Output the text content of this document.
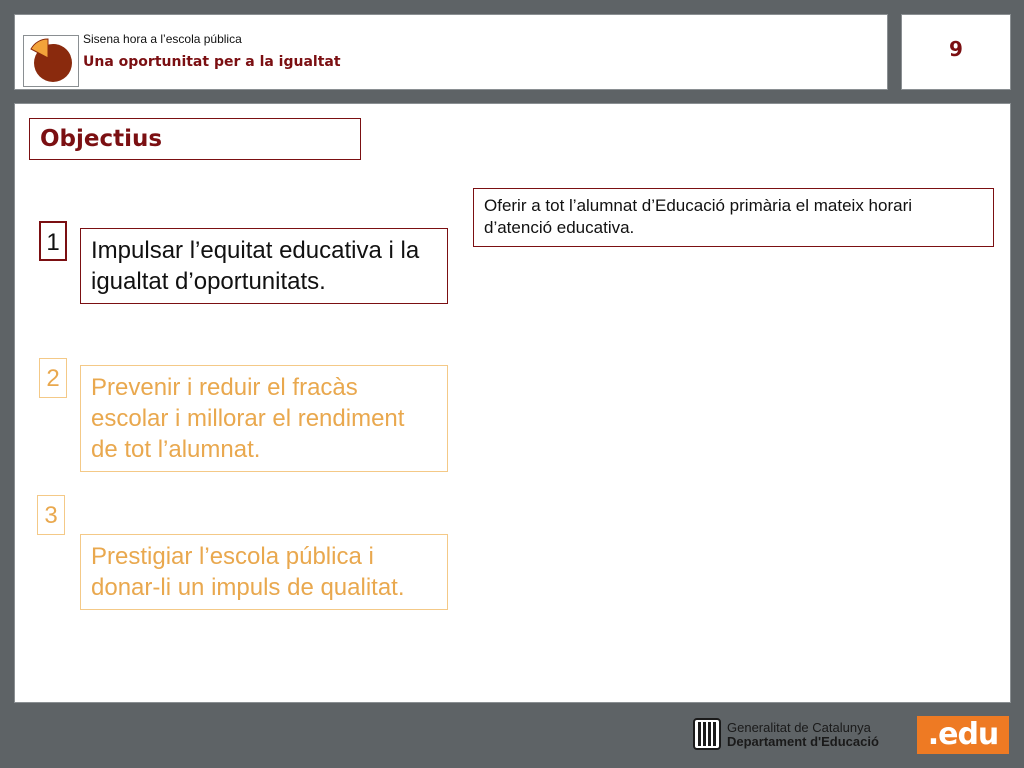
Sisena hora a l’escola pública
Una oportunitat per a la igualtat
9
Objectius
Oferir a tot l’alumnat d’Educació primària el mateix horari d’atenció educativa.
1	Impulsar l’equitat educativa i la igualtat d’oportunitats.
2	Prevenir i reduir el fracàs escolar i millorar el rendiment de tot l’alumnat.
3
Prestigiar l’escola pública i donar-li un impuls de qualitat.
Generalitat de Catalunya
Departament d'Educació	.edu
